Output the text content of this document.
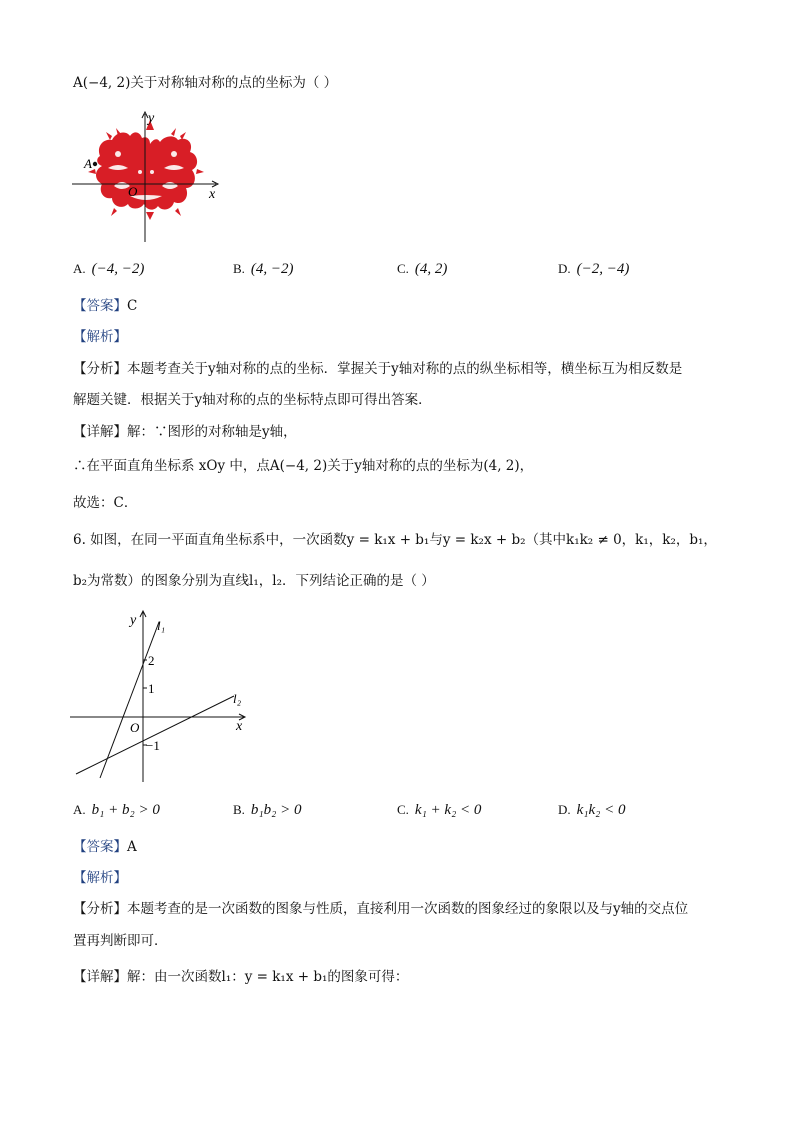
A(−4, 2)关于对称轴对称的点的坐标为（ ）
y
x
O
A
A. (−4, −2)	B. (4, −2)	C. (4, 2)	D. (−2, −4)
【答案】C
【解析】
【分析】本题考查关于y轴对称的点的坐标．掌握关于y轴对称的点的纵坐标相等，横坐标互为相反数是
解题关键．根据关于y轴对称的点的坐标特点即可得出答案．
【详解】解：∵图形的对称轴是y轴，
∴在平面直角坐标系 xOy 中，点A(−4, 2)关于y轴对称的点的坐标为(4, 2)，
故选：C．
6. 如图，在同一平面直角坐标系中，一次函数y = k₁x + b₁与y = k₂x + b₂（其中k₁k₂ ≠ 0，k₁，k₂，b₁，
b₂为常数）的图象分别为直线l₁，l₂．下列结论正确的是（ ）
y
x
O
l₁
l₂
2
1
−1
A. b₁ + b₂ > 0	B. b₁b₂ > 0	C. k₁ + k₂ < 0	D. k₁k₂ < 0
【答案】A
【解析】
【分析】本题考查的是一次函数的图象与性质，直接利用一次函数的图象经过的象限以及与y轴的交点位
置再判断即可．
【详解】解：由一次函数l₁：y = k₁x + b₁的图象可得：
